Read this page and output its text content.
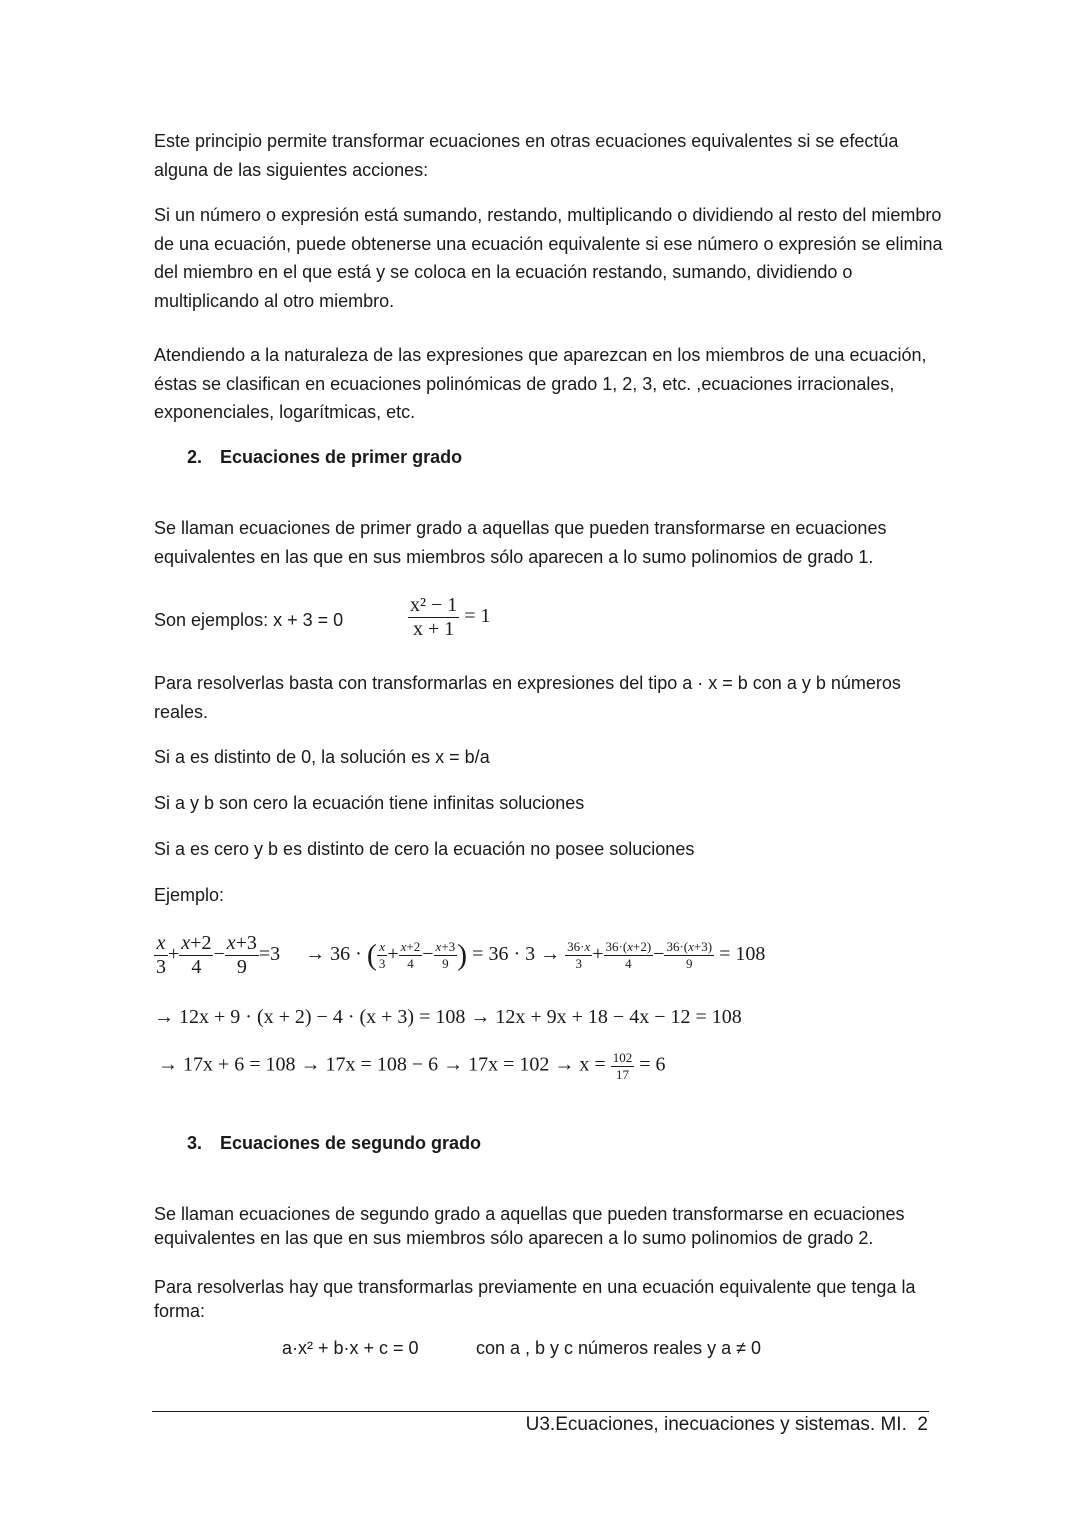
Este principio permite transformar ecuaciones en otras ecuaciones equivalentes si se efectúa alguna de las siguientes acciones:

Si un número o expresión está sumando, restando, multiplicando o dividiendo al resto del miembro de una ecuación, puede obtenerse una ecuación equivalente si ese número o expresión se elimina del miembro en el que está y se coloca en la ecuación restando, sumando, dividiendo o multiplicando al otro miembro.

Atendiendo a la naturaleza de las expresiones que aparezcan en los miembros de una ecuación, éstas se clasifican en ecuaciones polinómicas de grado 1, 2, 3, etc. ,ecuaciones irracionales, exponenciales, logarítmicas, etc.

2. Ecuaciones de primer grado

Se llaman ecuaciones de primer grado a aquellas que pueden transformarse en ecuaciones equivalentes en las que en sus miembros sólo aparecen a lo sumo polinomios de grado 1.

Son ejemplos: x + 3 = 0	$\frac{\text{x² − 1}}{x + 1} = 1$

Para resolverlas basta con transformarlas en expresiones del tipo a · x = b con a y b números reales.

Si a es distinto de 0, la solución es x = b/a

Si a y b son cero la ecuación tiene infinitas soluciones

Si a es cero y b es distinto de cero la ecuación no posee soluciones

Ejemplo:

$\frac{x}{3} + \frac{x+2}{4} - \frac{x+3}{9} =3$     → 36 · ( $\frac{x}{3} + \frac{x+2}{4} - \frac{x+3}{9}$ ) = $36 \cdot 3 \to \frac{36\cdot x}{3} + \frac{36\cdot(x+2)}{4} - \frac{36\cdot(x+3)}{9} = 108$
→ 12x + 9 · (x + 2) − 4 · (x + 3) = 108 → 12x + 9x + 18 − 4x − 12 = 108
→ $17x + 6 = 108 \to 17x = 108 - 6 \to 17x = 102 \to x = \frac{102}{17} = 6$
3. Ecuaciones de segundo grado

Se llaman ecuaciones de segundo grado a aquellas que pueden transformarse en ecuaciones equivalentes en las que en sus miembros sólo aparecen a lo sumo polinomios de grado 2.

Para resolverlas hay que transformarlas previamente en una ecuación equivalente que tenga la forma:

a·x² + b·x + c = 0	con a , b y c números reales y a ≠ 0
U3.Ecuaciones, inecuaciones y sistemas. MI. 2
